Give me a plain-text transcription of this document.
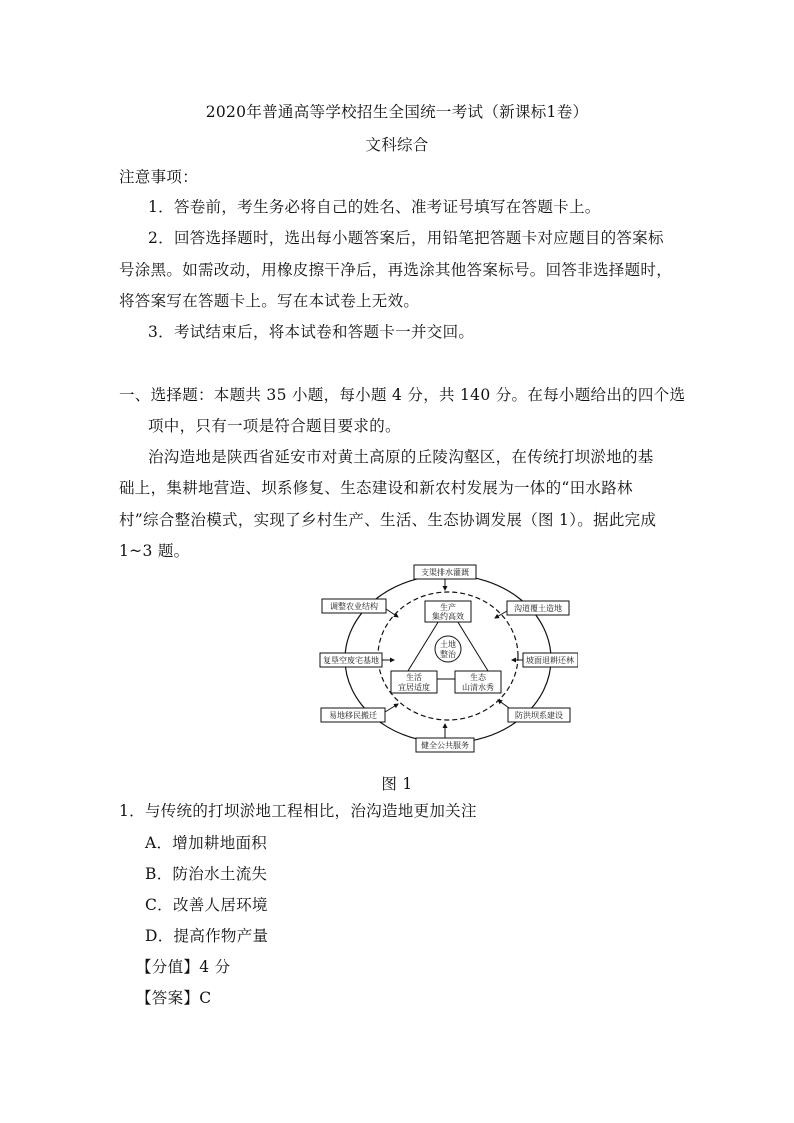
2020年普通高等学校招生全国统一考试（新课标1卷）
文科综合
注意事项：
1．答卷前，考生务必将自己的姓名、准考证号填写在答题卡上。
2．回答选择题时，选出每小题答案后，用铅笔把答题卡对应题目的答案标
号涂黑。如需改动，用橡皮擦干净后，再选涂其他答案标号。回答非选择题时，
将答案写在答题卡上。写在本试卷上无效。
3．考试结束后，将本试卷和答题卡一并交回。
一、选择题：本题共 35 小题，每小题 4 分，共 140 分。在每小题给出的四个选
项中，只有一项是符合题目要求的。
治沟造地是陕西省延安市对黄土高原的丘陵沟壑区，在传统打坝淤地的基
础上，集耕地营造、坝系修复、生态建设和新农村发展为一体的“田水路林
村”综合整治模式，实现了乡村生产、生活、生态协调发展（图 1）。据此完成
1~3 题。
土地
整治
生产
集约高效
生活
宜居适度
生态
山清水秀
支渠排水灌溉
沟道覆土造地
坡面退耕还林
防洪坝系建设
健全公共服务
易地移民搬迁
复垦空废宅基地
调整农业结构
图 1
1．与传统的打坝淤地工程相比，治沟造地更加关注
A．增加耕地面积
B．防治水土流失
C．改善人居环境
D．提高作物产量
【分值】4 分
【答案】C
